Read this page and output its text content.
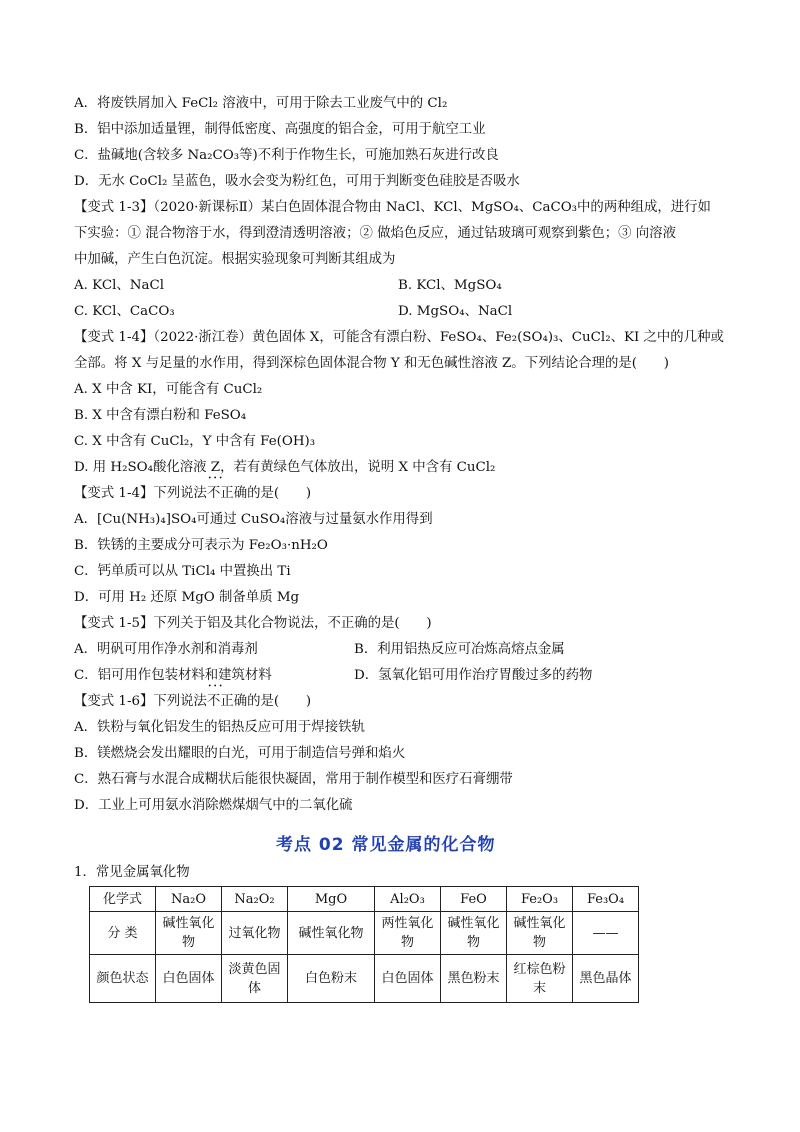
A．将废铁屑加入 FeCl₂ 溶液中，可用于除去工业废气中的 Cl₂
B．铝中添加适量锂，制得低密度、高强度的铝合金，可用于航空工业
C．盐碱地(含较多 Na₂CO₃等)不利于作物生长，可施加熟石灰进行改良
D．无水 CoCl₂ 呈蓝色，吸水会变为粉红色，可用于判断变色硅胶是否吸水
【变式 1-3】（2020·新课标Ⅱ）某白色固体混合物由 NaCl、KCl、MgSO₄、CaCO₃中的两种组成，进行如
下实验：① 混合物溶于水，得到澄清透明溶液；② 做焰色反应，通过钴玻璃可观察到紫色；③ 向溶液
中加碱，产生白色沉淀。根据实验现象可判断其组成为
A. KCl、NaCl	B. KCl、MgSO₄
C. KCl、CaCO₃	D. MgSO₄、NaCl
【变式 1-4】（2022·浙江卷）黄色固体 X，可能含有漂白粉、FeSO₄、Fe₂(SO₄)₃、CuCl₂、KI 之中的几种或
全部。将 X 与足量的水作用，得到深棕色固体混合物 Y 和无色碱性溶液 Z。下列结论合理的是(　　)
A. X 中含 KI，可能含有 CuCl₂
B. X 中含有漂白粉和 FeSO₄
C. X 中含有 CuCl₂，Y 中含有 Fe(OH)₃
D. 用 H₂SO₄酸化溶液 Z，若有黄绿色气体放出，说明 X 中含有 CuCl₂
【变式 1-4】下列说法• • • 不正确的是(　　)
A．[Cu(NH₃)₄]SO₄可通过 CuSO₄溶液与过量氨水作用得到
B．铁锈的主要成分可表示为 Fe₂O₃·nH₂O
C．钙单质可以从 TiCl₄ 中置换出 Ti
D．可用 H₂ 还原 MgO 制备单质 Mg
【变式 1-5】下列关于铝及其化合物说法，不正确的是(　　)
A．明矾可用作净水剂和消毒剂	B．利用铝热反应可冶炼高熔点金属
C．铝可用作包装材料和建筑材料	D．氢氧化铝可用作治疗胃酸过多的药物
【变式 1-6】下列说法• • • 不正确的是(　　)
A．铁粉与氧化铝发生的铝热反应可用于焊接铁轨
B．镁燃烧会发出耀眼的白光，可用于制造信号弹和焰火
C．熟石膏与水混合成糊状后能很快凝固，常用于制作模型和医疗石膏绷带
D．工业上可用氨水消除燃煤烟气中的二氧化硫
考点 02 常见金属的化合物
1．常见金属氧化物
化学式	Na₂O	Na₂O₂	MgO	Al₂O₃	FeO	Fe₂O₃	Fe₃O₄
分 类	碱性氧化物	过氧化物	碱性氧化物	两性氧化物	碱性氧化物	碱性氧化物	——
颜色状态	白色固体	淡黄色固体	白色粉末	白色固体	黑色粉末	红棕色粉末	黑色晶体
